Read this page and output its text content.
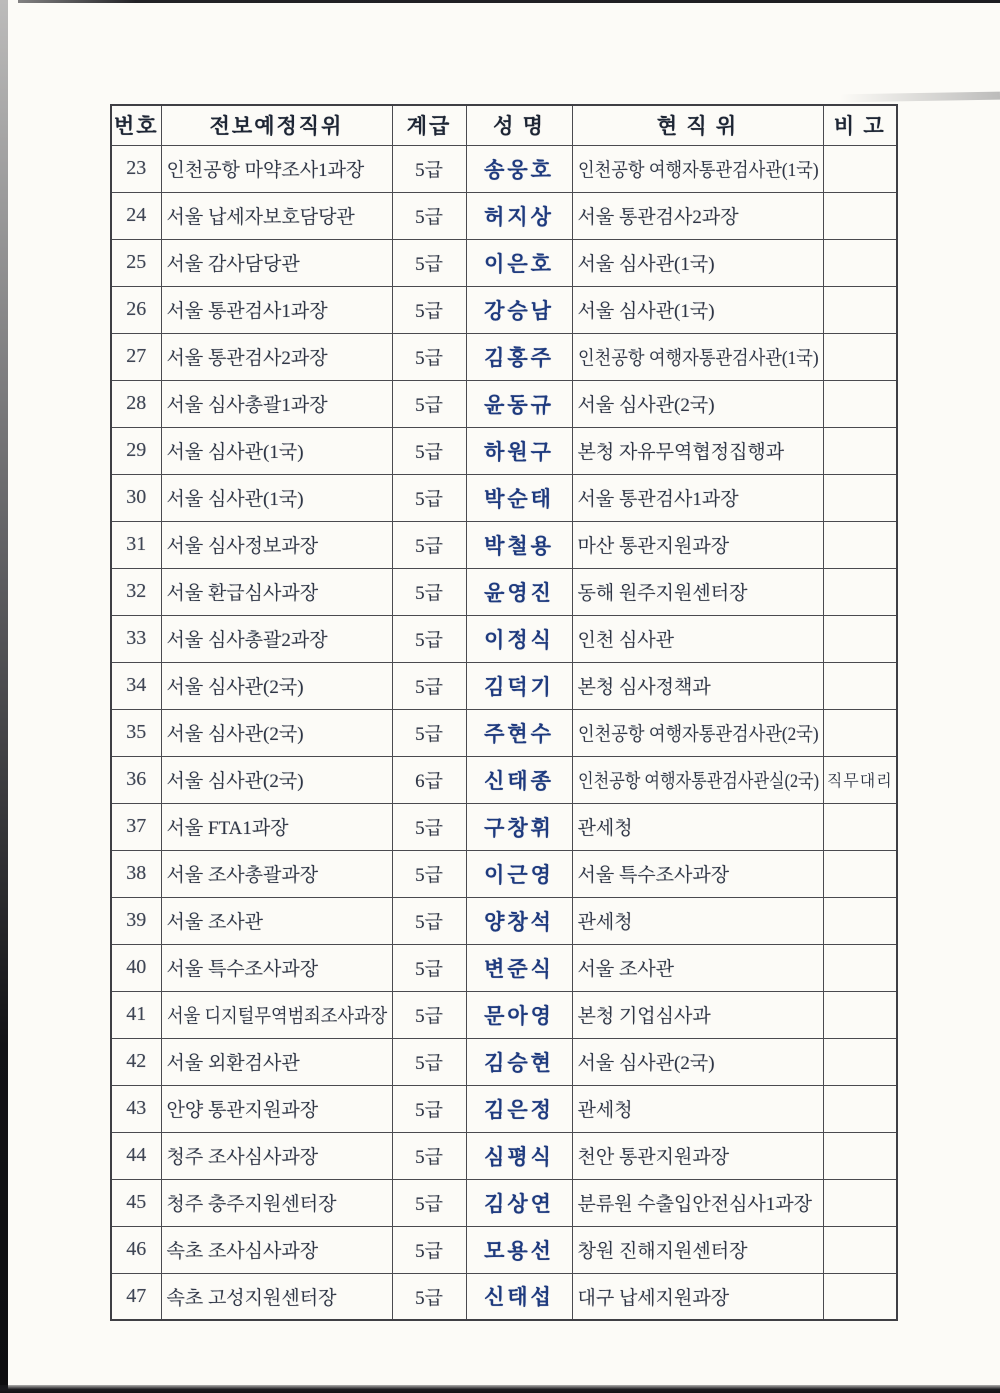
번호	전보예정직위	계급	성 명	현 직 위	비 고
23	인천공항 마약조사1과장	5급	송웅호	인천공항 여행자통관검사관(1국)	
24	서울 납세자보호담당관	5급	허지상	서울 통관검사2과장	
25	서울 감사담당관	5급	이은호	서울 심사관(1국)	
26	서울 통관검사1과장	5급	강승남	서울 심사관(1국)	
27	서울 통관검사2과장	5급	김홍주	인천공항 여행자통관검사관(1국)	
28	서울 심사총괄1과장	5급	윤동규	서울 심사관(2국)	
29	서울 심사관(1국)	5급	하원구	본청 자유무역협정집행과	
30	서울 심사관(1국)	5급	박순태	서울 통관검사1과장	
31	서울 심사정보과장	5급	박철용	마산 통관지원과장	
32	서울 환급심사과장	5급	윤영진	동해 원주지원센터장	
33	서울 심사총괄2과장	5급	이정식	인천 심사관	
34	서울 심사관(2국)	5급	김덕기	본청 심사정책과	
35	서울 심사관(2국)	5급	주현수	인천공항 여행자통관검사관(2국)	
36	서울 심사관(2국)	6급	신태종	인천공항 여행자통관검사관실(2국)	직무대리
37	서울 FTA1과장	5급	구창휘	관세청	
38	서울 조사총괄과장	5급	이근영	서울 특수조사과장	
39	서울 조사관	5급	양창석	관세청	
40	서울 특수조사과장	5급	변준식	서울 조사관	
41	서울 디지털무역범죄조사과장	5급	문아영	본청 기업심사과	
42	서울 외환검사관	5급	김승현	서울 심사관(2국)	
43	안양 통관지원과장	5급	김은정	관세청	
44	청주 조사심사과장	5급	심평식	천안 통관지원과장	
45	청주 충주지원센터장	5급	김상연	분류원 수출입안전심사1과장	
46	속초 조사심사과장	5급	모용선	창원 진해지원센터장	
47	속초 고성지원센터장	5급	신태섭	대구 납세지원과장	
